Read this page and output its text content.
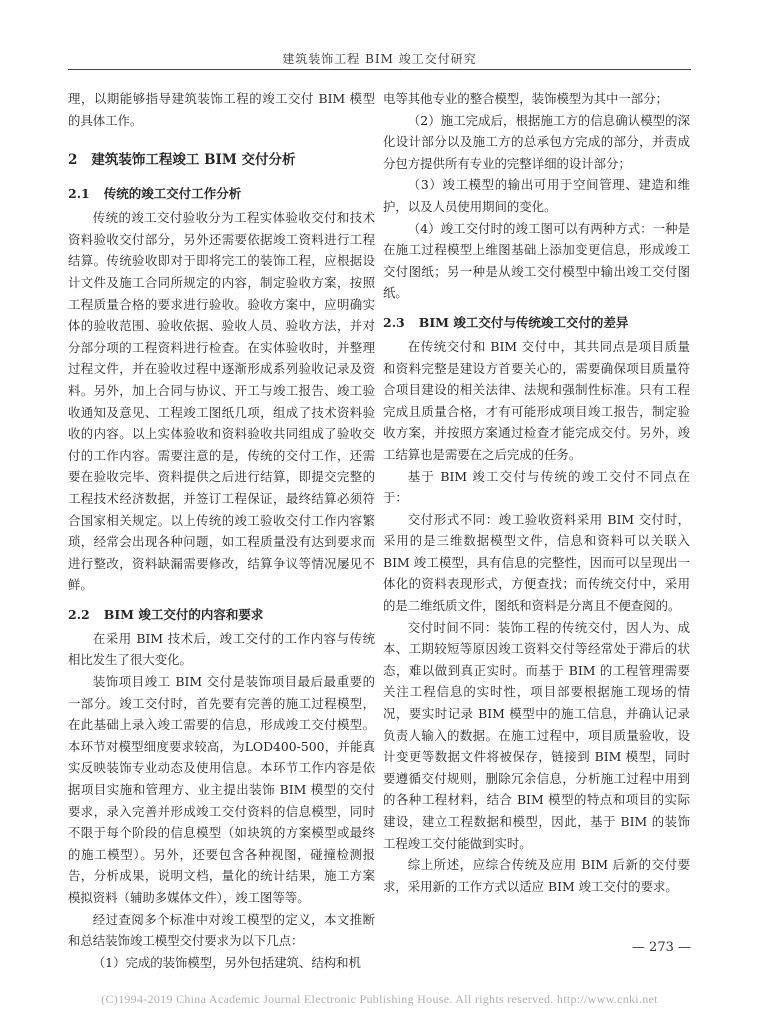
建筑装饰工程 BIM 竣工交付研究

理，以期能够指导建筑装饰工程的竣工交付 BIM 模型的具体工作。

2 建筑装饰工程竣工 BIM 交付分析
2.1 传统的竣工交付工作分析

传统的竣工交付验收分为工程实体验收交付和技术资料验收交付部分，另外还需要依据竣工资料进行工程结算。传统验收即对于即将完工的装饰工程，应根据设计文件及施工合同所规定的内容，制定验收方案，按照工程质量合格的要求进行验收。验收方案中，应明确实体的验收范围、验收依据、验收人员、验收方法，并对分部分项的工程资料进行检查。在实体验收时，并整理过程文件，并在验收过程中逐渐形成系列验收记录及资料。另外，加上合同与协议、开工与竣工报告、竣工验收通知及意见、工程竣工图纸几项，组成了技术资料验收的内容。以上实体验收和资料验收共同组成了验收交付的工作内容。需要注意的是，传统的交付工作，还需要在验收完毕、资料提供之后进行结算，即提交完整的工程技术经济数据，并签订工程保证，最终结算必须符合国家相关规定。以上传统的竣工验收交付工作内容繁琐，经常会出现各种问题，如工程质量没有达到要求而进行整改，资料缺漏需要修改，结算争议等情况屡见不鲜。

2.2 BIM 竣工交付的内容和要求

在采用 BIM 技术后，竣工交付的工作内容与传统相比发生了很大变化。

装饰项目竣工 BIM 交付是装饰项目最后最重要的一部分。竣工交付时，首先要有完善的施工过程模型，在此基础上录入竣工需要的信息，形成竣工交付模型。本环节对模型细度要求较高，为LOD400-500，并能真实反映装饰专业动态及使用信息。本环节工作内容是依据项目实施和管理方、业主提出装饰 BIM 模型的交付要求，录入完善并形成竣工交付资料的信息模型，同时不限于每个阶段的信息模型（如块筑的方案模型或最终的施工模型）。另外，还要包含各种视图，碰撞检测报告，分析成果，说明文档，量化的统计结果，施工方案模拟资料（辅助多媒体文件），竣工图等等。

经过查阅多个标准中对竣工模型的定义，本文推断和总结装饰竣工模型交付要求为以下几点：

（1）完成的装饰模型，另外包括建筑、结构和机

电等其他专业的整合模型，装饰模型为其中一部分；

（2）施工完成后，根据施工方的信息确认模型的深化设计部分以及施工方的总承包方完成的部分，并责成分包方提供所有专业的完整详细的设计部分；

（3）竣工模型的输出可用于空间管理、建造和维护，以及人员使用期间的变化。

（4）竣工交付时的竣工图可以有两种方式：一种是在施工过程模型上维图基础上添加变更信息，形成竣工交付图纸；另一种是从竣工交付模型中输出竣工交付图纸。

2.3 BIM 竣工交付与传统竣工交付的差异

在传统交付和 BIM 交付中，其共同点是项目质量和资料完整是建设方首要关心的，需要确保项目质量符合项目建设的相关法律、法规和强制性标准。只有工程完成且质量合格，才有可能形成项目竣工报告，制定验收方案，并按照方案通过检查才能完成交付。另外，竣工结算也是需要在之后完成的任务。

基于 BIM 竣工交付与传统的竣工交付不同点在于：

交付形式不同：竣工验收资料采用 BIM 交付时，采用的是三维数据模型文件，信息和资料可以关联入 BIM 竣工模型，具有信息的完整性，因而可以呈现出一体化的资料表现形式，方便查找；而传统交付中，采用的是二维纸质文件，图纸和资料是分离且不便查阅的。

交付时间不同：装饰工程的传统交付，因人为、成本、工期较短等原因竣工资料交付等经常处于滞后的状态，难以做到真正实时。而基于 BIM 的工程管理需要关注工程信息的实时性，项目部要根据施工现场的情况，要实时记录 BIM 模型中的施工信息，并确认记录负责人输入的数据。在施工过程中，项目质量验收，设计变更等数据文件将被保存，链接到 BIM 模型，同时要遵循交付规则，删除冗余信息，分析施工过程中用到的各种工程材料，结合 BIM 模型的特点和项目的实际建设，建立工程数据和模型，因此，基于 BIM 的装饰工程竣工交付能做到实时。

综上所述，应综合传统及应用 BIM 后新的交付要求，采用新的工作方式以适应 BIM 竣工交付的要求。

— 273 —
(C)1994-2019 China Academic Journal Electronic Publishing House. All rights reserved. http://www.cnki.net
